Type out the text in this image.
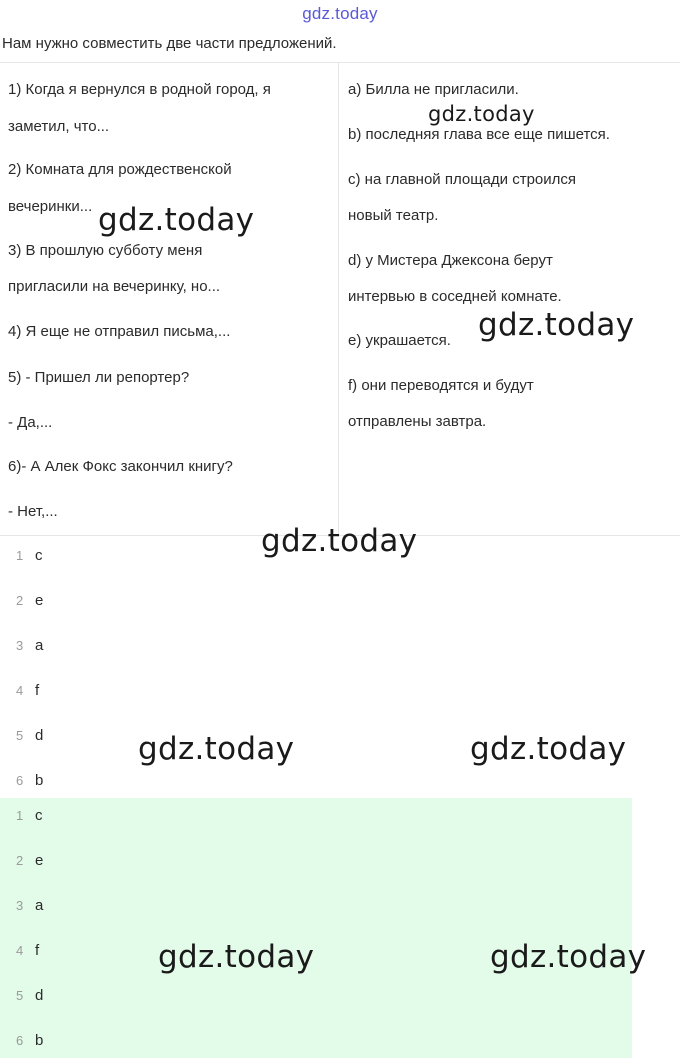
gdz.today
Нам нужно совместить две части предложений.
1) Когда я вернулся в родной город, я
заметил, что...
2) Комната для рождественской
вечеринки...
3) В прошлую субботу меня
пригласили на вечеринку, но...
4) Я еще не отправил письма,...
5) - Пришел ли репортер?
- Да,...
6)- А Алек Фокс закончил книгу?
- Нет,...
a) Билла не пригласили.
b) последняя глава все еще пишется.
c) на главной площади строился
новый театр.
d) у Мистера Джексона берут
интервью в соседней комнате.
e) украшается.
f) они переводятся и будут
отправлены завтра.
1 c
2 e
3 a
4 f
5 d
6 b
1 c
2 e
3 a
4 f
5 d
6 b
gdz.today
gdz.today
gdz.today
gdz.today
gdz.today	gdz.today
gdz.today	gdz.today
